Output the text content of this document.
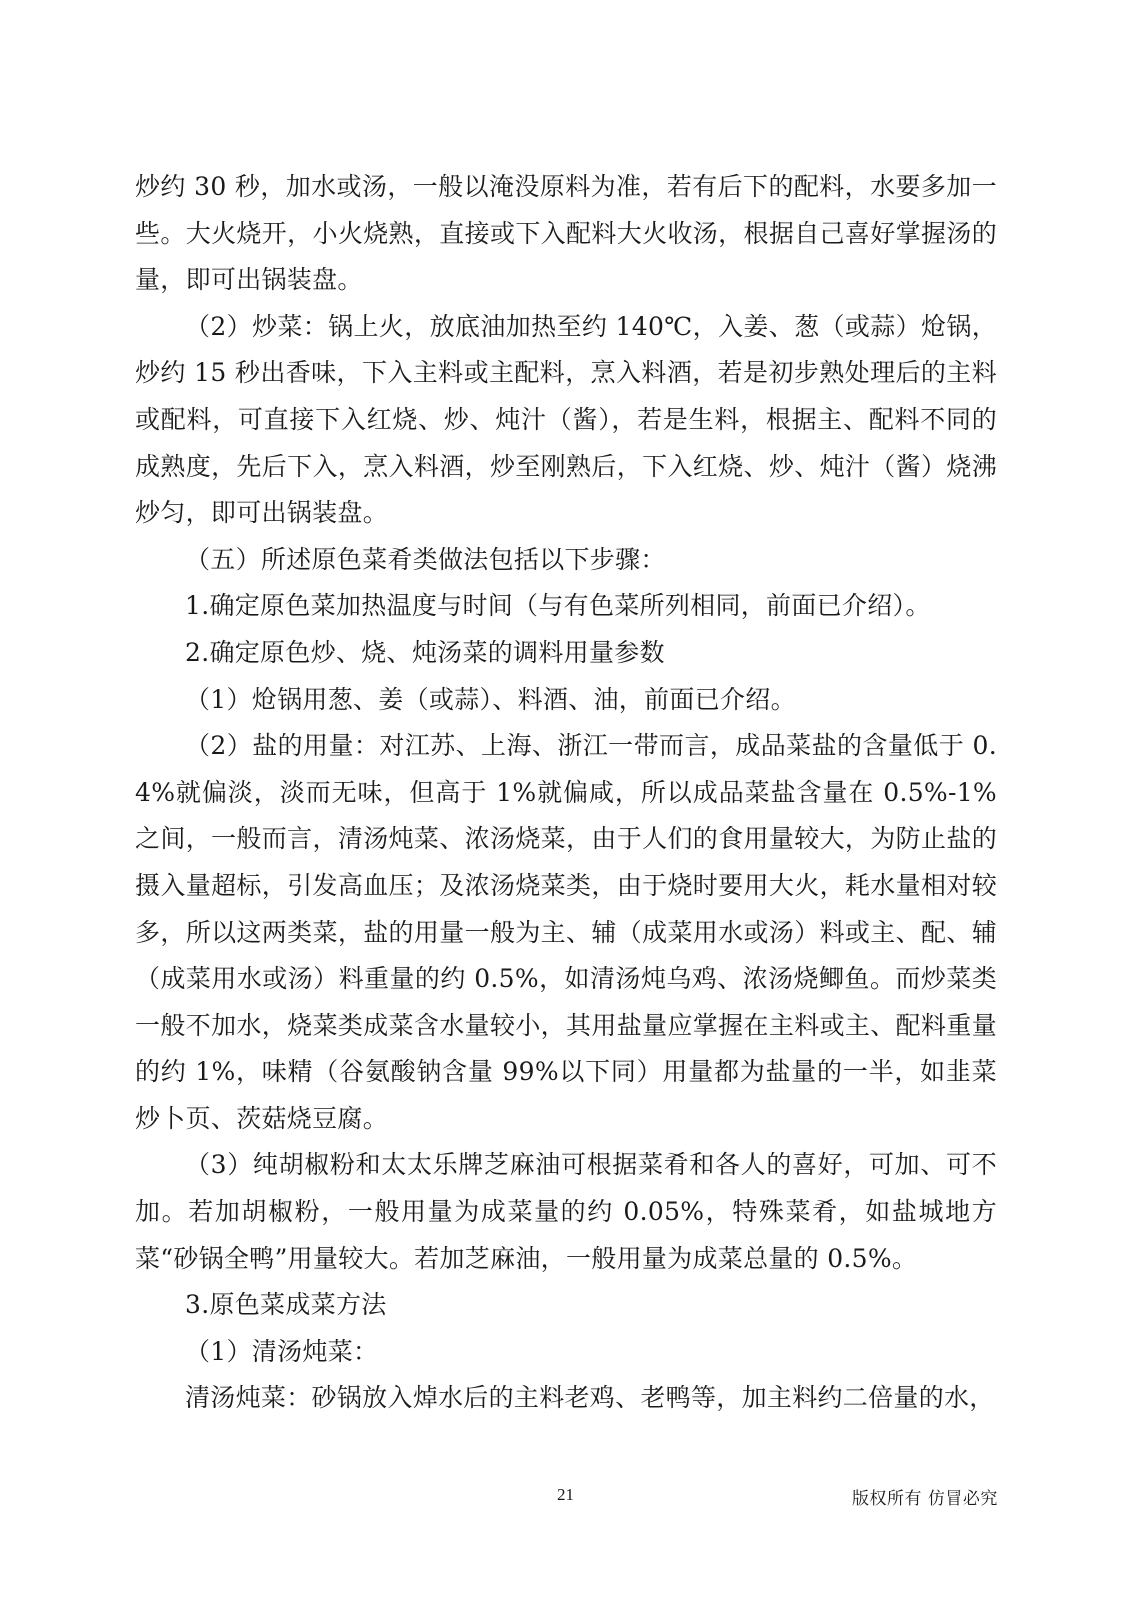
炒约 30 秒，加水或汤，一般以淹没原料为准，若有后下的配料，水要多加一些。大火烧开，小火烧熟，直接或下入配料大火收汤，根据自己喜好掌握汤的量，即可出锅装盘。

（2）炒菜：锅上火，放底油加热至约 140℃，入姜、葱（或蒜）炝锅，炒约 15 秒出香味，下入主料或主配料，烹入料酒，若是初步熟处理后的主料或配料，可直接下入红烧、炒、炖汁（酱），若是生料，根据主、配料不同的成熟度，先后下入，烹入料酒，炒至刚熟后，下入红烧、炒、炖汁（酱）烧沸炒匀，即可出锅装盘。

（五）所述原色菜肴类做法包括以下步骤：

1.确定原色菜加热温度与时间（与有色菜所列相同，前面已介绍）。

2.确定原色炒、烧、炖汤菜的调料用量参数

（1）炝锅用葱、姜（或蒜）、料酒、油，前面已介绍。

（2）盐的用量：对江苏、上海、浙江一带而言，成品菜盐的含量低于 0.4%就偏淡，淡而无味，但高于 1%就偏咸，所以成品菜盐含量在 0.5%-1%之间，一般而言，清汤炖菜、浓汤烧菜，由于人们的食用量较大，为防止盐的摄入量超标，引发高血压；及浓汤烧菜类，由于烧时要用大火，耗水量相对较多，所以这两类菜，盐的用量一般为主、辅（成菜用水或汤）料或主、配、辅（成菜用水或汤）料重量的约 0.5%，如清汤炖乌鸡、浓汤烧鲫鱼。而炒菜类一般不加水，烧菜类成菜含水量较小，其用盐量应掌握在主料或主、配料重量的约 1%，味精（谷氨酸钠含量 99%以下同）用量都为盐量的一半，如韭菜炒卜页、茨菇烧豆腐。

（3）纯胡椒粉和太太乐牌芝麻油可根据菜肴和各人的喜好，可加、可不加。若加胡椒粉，一般用量为成菜量的约 0.05%，特殊菜肴，如盐城地方菜“砂锅全鸭”用量较大。若加芝麻油，一般用量为成菜总量的 0.5%。

3.原色菜成菜方法

（1）清汤炖菜：

清汤炖菜：砂锅放入焯水后的主料老鸡、老鸭等，加主料约二倍量的水，

21	版权所有 仿冒必究
